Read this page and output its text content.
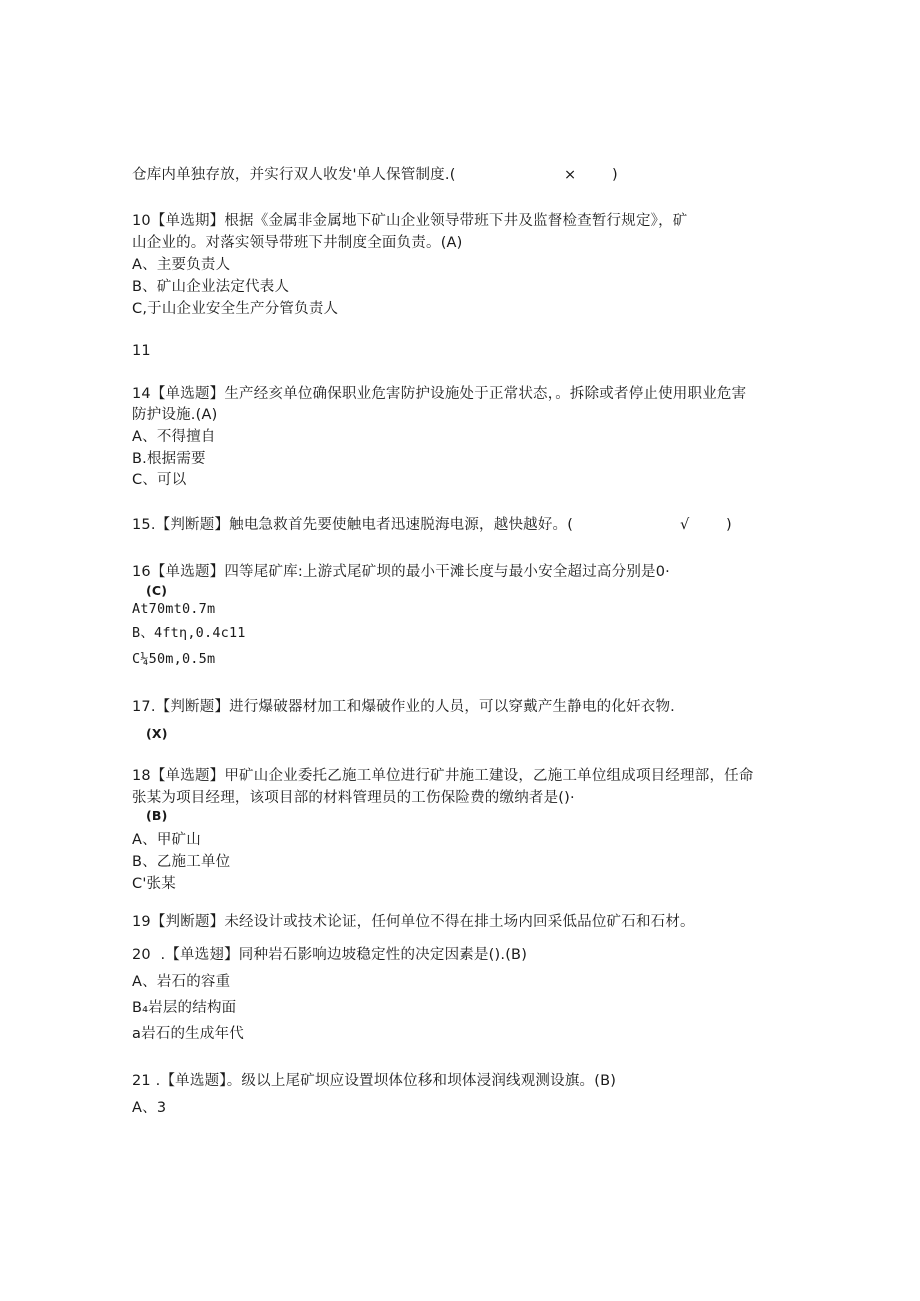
仓库内单独存放，并实行双人收发'单人保管制度.(	× )
10【单选期】根据《金属非金属地下矿山企业领导带班下井及监督检查暂行规定》，矿
山企业的。对落实领导带班下井制度全面负责。(A)
A、主要负责人
B、矿山企业法定代表人
C,于山企业安全生产分管负责人
11
14【单选题】生产经亥单位确保职业危害防护设施处于正常状态，。拆除或者停止使用职业危害
防护设施.(A)
A、不得擅自
B.根据需要
C、可以
15.【判断题】触电急救首先要使触电者迅速脱海电源，越快越好。(	√	)
16【单选题】四等尾矿库:上游式尾矿坝的最小干滩长度与最小安全超过高分别是0·
(C)
At70mt0.7m
B、4ftη,0.4c11
C¼50m,0.5m
17.【判断题】进行爆破器材加工和爆破作业的人员，可以穿戴产生静电的化奸衣物.
(X)
18【单选题】甲矿山企业委托乙施工单位进行矿井施工建设，乙施工单位组成项目经理部，任命
张某为项目经理，该项目部的材料管理员的工伤保险费的缴纳者是()·
(B)
A、甲矿山
B、乙施工单位
C'张某
19【判断题】未经设计或技术论证，任何单位不得在排土场内回采低品位矿石和石材。
20  .【单选翅】同种岩石影响边坡稳定性的决定因素是().(B)
A、岩石的容重
B₄岩层的结构面
a岩石的生成年代
21 .【单选题】。级以上尾矿坝应设置坝体位移和坝体浸润线观测设旗。(B)
A、3
